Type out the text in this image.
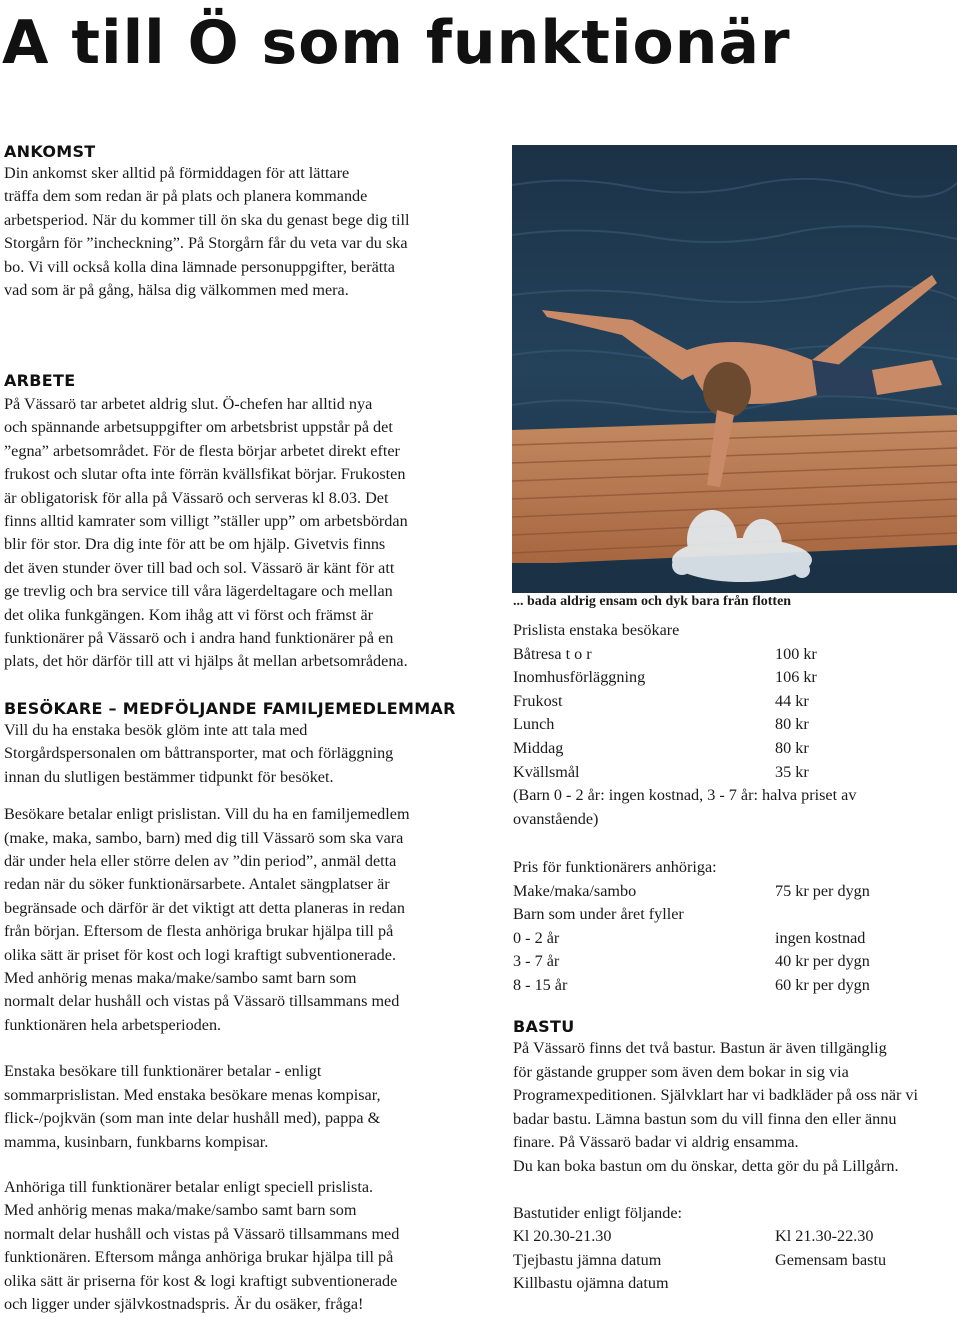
A till Ö som funktionär
ANKOMST

Din ankomst sker alltid på förmiddagen för att lättare

träffa dem som redan är på plats och planera kommande

arbetsperiod. När du kommer till ön ska du genast bege dig till

Storgårn för ”incheckning”. På Storgårn får du veta var du ska

bo. Vi vill också kolla dina lämnade personuppgifter, berätta

vad som är på gång, hälsa dig välkommen med mera.

ARBETE

På Vässarö tar arbetet aldrig slut. Ö-chefen har alltid nya

och spännande arbetsuppgifter om arbetsbrist uppstår på det

”egna” arbetsområdet. För de flesta börjar arbetet direkt efter

frukost och slutar ofta inte förrän kvällsfikat börjar. Frukosten

är obligatorisk för alla på Vässarö och serveras kl 8.03. Det

finns alltid kamrater som villigt ”ställer upp” om arbetsbördan

blir för stor. Dra dig inte för att be om hjälp. Givetvis finns

det även stunder över till bad och sol. Vässarö är känt för att

ge trevlig och bra service till våra lägerdeltagare och mellan

det olika funkgängen. Kom ihåg att vi först och främst är

funktionärer på Vässarö och i andra hand funktionärer på en

plats, det hör därför till att vi hjälps åt mellan arbetsområdena.

BESÖKARE – MEDFÖLJANDE FAMILJEMEDLEMMAR

Vill du ha enstaka besök glöm inte att tala med

Storgårdspersonalen om båttransporter, mat och förläggning

innan du slutligen bestämmer tidpunkt för besöket.

Besökare betalar enligt prislistan. Vill du ha en familjemedlem

(make, maka, sambo, barn) med dig till Vässarö som ska vara

där under hela eller större delen av ”din period”, anmäl detta

redan när du söker funktionärsarbete. Antalet sängplatser är

begränsade och därför är det viktigt att detta planeras in redan

från början. Eftersom de flesta anhöriga brukar hjälpa till på

olika sätt är priset för kost och logi kraftigt subventionerade.

Med anhörig menas maka/make/sambo samt barn som

normalt delar hushåll och vistas på Vässarö tillsammans med

funktionären hela arbetsperioden.

Enstaka besökare till funktionärer betalar - enligt

sommarprislistan. Med enstaka besökare menas kompisar,

flick-/pojkvän (som man inte delar hushåll med), pappa &

mamma, kusinbarn, funkbarns kompisar.

Anhöriga till funktionärer betalar enligt speciell prislista.

Med anhörig menas maka/make/sambo samt barn som

normalt delar hushåll och vistas på Vässarö tillsammans med

funktionären. Eftersom många anhöriga brukar hjälpa till på

olika sätt är priserna för kost & logi kraftigt subventionerade

och ligger under självkostnadspris. Är du osäker, fråga!

... bada aldrig ensam och dyk bara från flotten

Prislista enstaka besökare

Båtresa t o r	100 kr
Inomhusförläggning	106 kr
Frukost	44 kr
Lunch	80 kr
Middag	80 kr
Kvällsmål	35 kr

(Barn 0 - 2 år: ingen kostnad, 3 - 7 år: halva priset av

ovanstående)

Pris för funktionärers anhöriga:

Make/maka/sambo	75 kr per dygn

Barn som under året fyller

0 - 2 år	ingen kostnad
3 - 7 år	40 kr per dygn
8 - 15 år	60 kr per dygn
BASTU

På Vässarö finns det två bastur. Bastun är även tillgänglig

för gästande grupper som även dem bokar in sig via

Programexpeditionen. Självklart har vi badkläder på oss när vi

badar bastu. Lämna bastun som du vill finna den eller ännu

finare. På Vässarö badar vi aldrig ensamma.

Du kan boka bastun om du önskar, detta gör du på Lillgårn.

Bastutider enligt följande:

Kl 20.30-21.30	Kl 21.30-22.30
Tjejbastu jämna datum	Gemensam bastu
Killbastu ojämna datum
